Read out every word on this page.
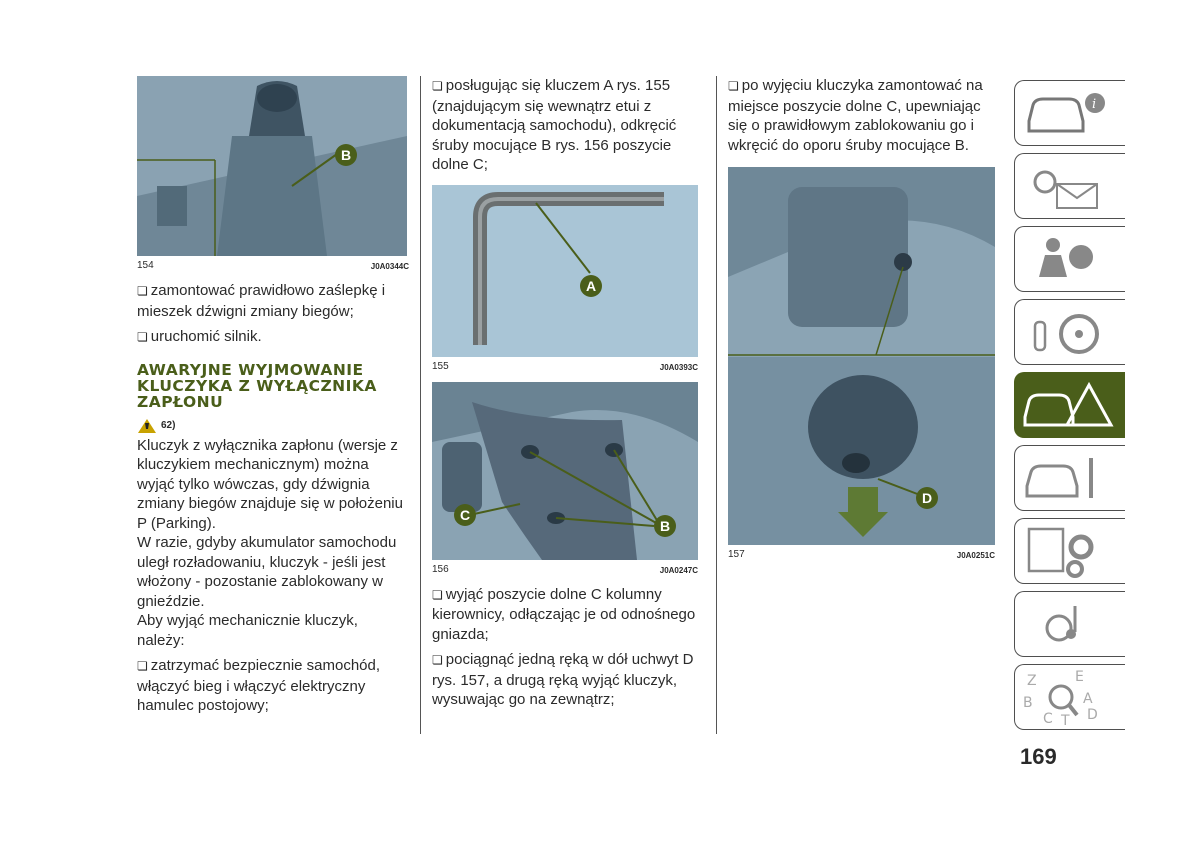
B
154	J0A0344C

❏ zamontować prawidłowo zaślepkę i mieszek dźwigni zmiany biegów;

❏ uruchomić silnik.

AWARYJNE WYJMOWANIE KLUCZYKA Z WYŁĄCZNIKA ZAPŁONU
62)

Kluczyk z wyłącznika zapłonu (wersje z kluczykiem mechanicznym) można wyjąć tylko wówczas, gdy dźwignia zmiany biegów znajduje się w położeniu P (Parking).

W razie, gdyby akumulator samochodu uległ rozładowaniu, kluczyk - jeśli jest włożony - pozostanie zablokowany w gnieździe.

Aby wyjąć mechanicznie kluczyk, należy:

❏ zatrzymać bezpiecznie samochód, włączyć bieg i włączyć elektryczny hamulec postojowy;

❏ posługując się kluczem A rys. 155 (znajdującym się wewnątrz etui z dokumentacją samochodu), odkręcić śruby mocujące B rys. 156 poszycie dolne C;

A
155	J0A0393C
C
B
156	J0A0247C

❏ wyjąć poszycie dolne C kolumny kierownicy, odłączając je od odnośnego gniazda;

❏ pociągnąć jedną ręką w dół uchwyt D rys. 157, a drugą ręką wyjąć kluczyk, wysuwając go na zewnątrz;

❏ po wyjęciu kluczyka zamontować na miejsce poszycie dolne C, upewniając się o prawidłowym zablokowaniu go i wkręcić do oporu śruby mocujące B.

D
157	J0A0251C
i
Z	E
B	A
C D
T
169
